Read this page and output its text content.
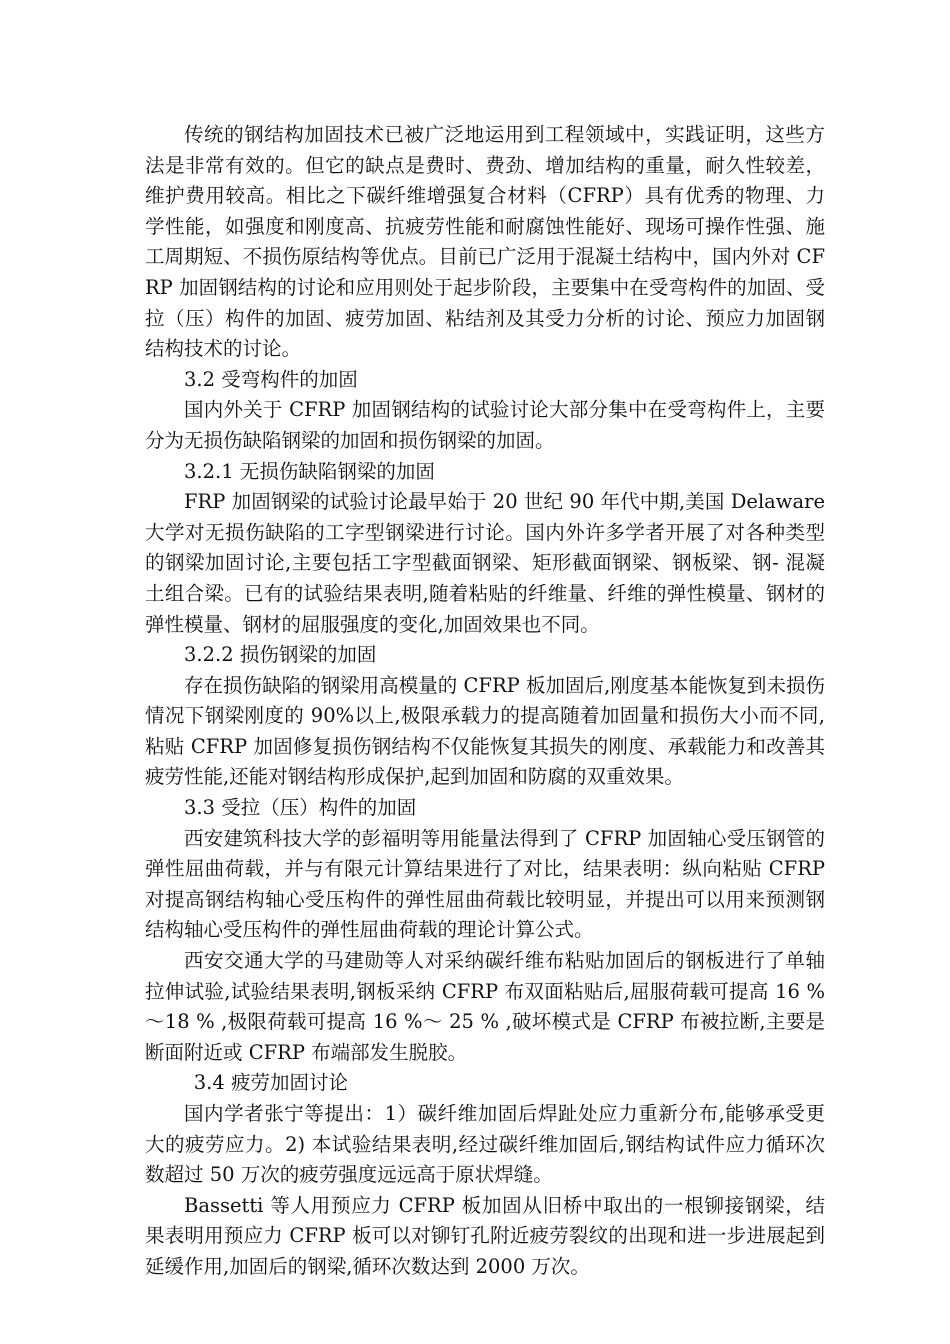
传统的钢结构加固技术已被广泛地运用到工程领域中，实践证明，这些方法是非常有效的。但它的缺点是费时、费劲、增加结构的重量，耐久性较差，维护费用较高。相比之下碳纤维增强复合材料（CFRP）具有优秀的物理、力学性能，如强度和刚度高、抗疲劳性能和耐腐蚀性能好、现场可操作性强、施工周期短、不损伤原结构等优点。目前已广泛用于混凝土结构中，国内外对 CFRP 加固钢结构的讨论和应用则处于起步阶段，主要集中在受弯构件的加固、受拉（压）构件的加固、疲劳加固、粘结剂及其受力分析的讨论、预应力加固钢结构技术的讨论。

3.2 受弯构件的加固

国内外关于 CFRP 加固钢结构的试验讨论大部分集中在受弯构件上，主要分为无损伤缺陷钢梁的加固和损伤钢梁的加固。

3.2.1 无损伤缺陷钢梁的加固

FRP 加固钢梁的试验讨论最早始于 20 世纪 90 年代中期,美国 Delaware 大学对无损伤缺陷的工字型钢梁进行讨论。国内外许多学者开展了对各种类型的钢梁加固讨论,主要包括工字型截面钢梁、矩形截面钢梁、钢板梁、钢- 混凝土组合梁。已有的试验结果表明,随着粘贴的纤维量、纤维的弹性模量、钢材的弹性模量、钢材的屈服强度的变化,加固效果也不同。

3.2.2 损伤钢梁的加固

存在损伤缺陷的钢梁用高模量的 CFRP 板加固后,刚度基本能恢复到未损伤情况下钢梁刚度的 90%以上,极限承载力的提高随着加固量和损伤大小而不同,粘贴 CFRP 加固修复损伤钢结构不仅能恢复其损失的刚度、承载能力和改善其疲劳性能,还能对钢结构形成保护,起到加固和防腐的双重效果。

3.3 受拉（压）构件的加固

西安建筑科技大学的彭福明等用能量法得到了 CFRP 加固轴心受压钢管的弹性屈曲荷载，并与有限元计算结果进行了对比，结果表明：纵向粘贴 CFRP 对提高钢结构轴心受压构件的弹性屈曲荷载比较明显，并提出可以用来预测钢结构轴心受压构件的弹性屈曲荷载的理论计算公式。

西安交通大学的马建勋等人对采纳碳纤维布粘贴加固后的钢板进行了单轴拉伸试验,试验结果表明,钢板采纳 CFRP 布双面粘贴后,屈服荷载可提高 16 %～18 % ,极限荷载可提高 16 %～ 25 % ,破坏模式是 CFRP 布被拉断,主要是断面附近或 CFRP 布端部发生脱胶。

3.4 疲劳加固讨论

国内学者张宁等提出：1）碳纤维加固后焊趾处应力重新分布,能够承受更大的疲劳应力。2) 本试验结果表明,经过碳纤维加固后,钢结构试件应力循环次数超过 50 万次的疲劳强度远远高于原状焊缝。

Bassetti 等人用预应力 CFRP 板加固从旧桥中取出的一根铆接钢梁，结果表明用预应力 CFRP 板可以对铆钉孔附近疲劳裂纹的出现和进一步进展起到延缓作用,加固后的钢梁,循环次数达到 2000 万次。
